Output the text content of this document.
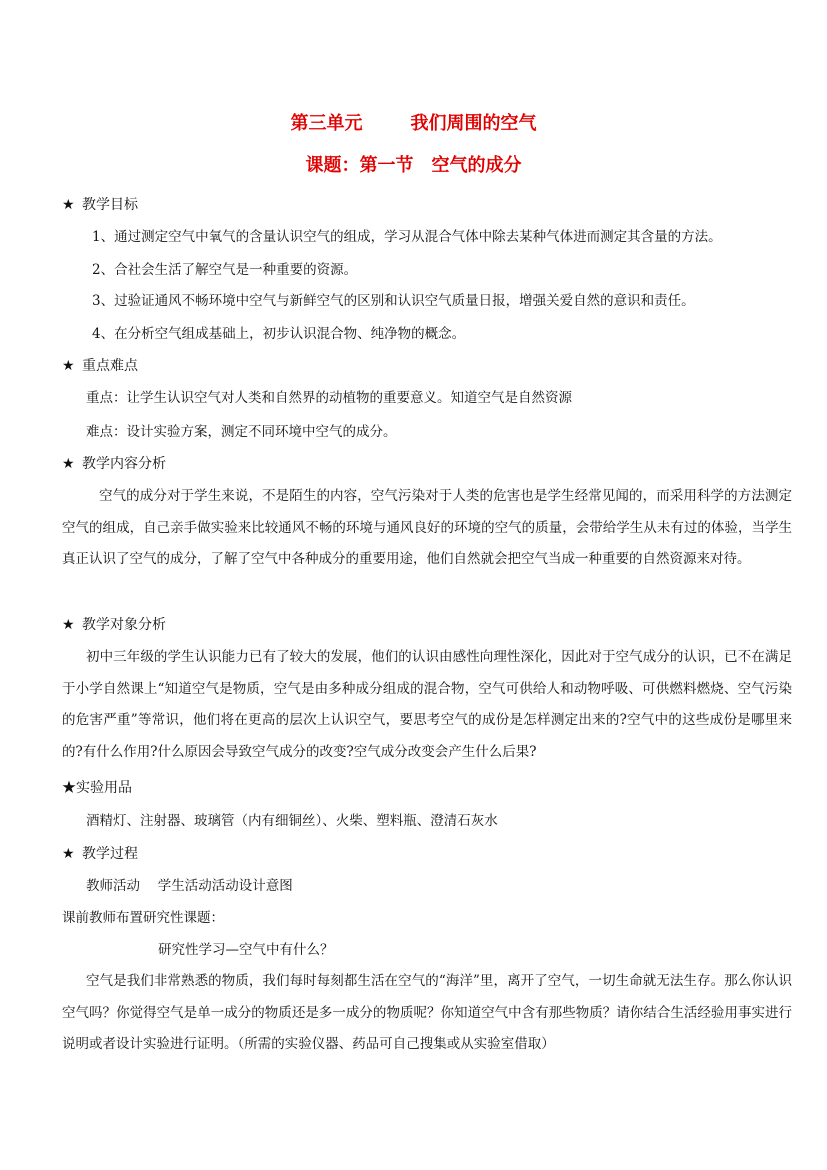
第三单元	我们周围的空气
课题：第一节 空气的成分
★ 教学目标
1、通过测定空气中氧气的含量认识空气的组成，学习从混合气体中除去某种气体进而测定其含量的方法。
2、合社会生活了解空气是一种重要的资源。
3、过验证通风不畅环境中空气与新鲜空气的区别和认识空气质量日报，增强关爱自然的意识和责任。
4、在分析空气组成基础上，初步认识混合物、纯净物的概念。
★ 重点难点
重点：让学生认识空气对人类和自然界的动植物的重要意义。知道空气是自然资源
难点：设计实验方案，测定不同环境中空气的成分。
★ 教学内容分析
空气的成分对于学生来说，不是陌生的内容，空气污染对于人类的危害也是学生经常见闻的，而采用科学的方法测定空气的组成，自己亲手做实验来比较通风不畅的环境与通风良好的环境的空气的质量，会带给学生从未有过的体验，当学生真正认识了空气的成分，了解了空气中各种成分的重要用途，他们自然就会把空气当成一种重要的自然资源来对待。
★ 教学对象分析
初中三年级的学生认识能力已有了较大的发展，他们的认识由感性向理性深化，因此对于空气成分的认识，已不在满足于小学自然课上“知道空气是物质，空气是由多种成分组成的混合物，空气可供给人和动物呼吸、可供燃料燃烧、空气污染的危害严重”等常识，他们将在更高的层次上认识空气，要思考空气的成份是怎样测定出来的?空气中的这些成份是哪里来的?有什么作用?什么原因会导致空气成分的改变?空气成分改变会产生什么后果?
★实验用品
酒精灯、注射器、玻璃管（内有细铜丝）、火柴、塑料瓶、澄清石灰水
★ 教学过程
教师活动　 学生活动活动设计意图
课前教师布置研究性课题：
研究性学习—空气中有什么？
空气是我们非常熟悉的物质，我们每时每刻都生活在空气的“海洋”里，离开了空气，一切生命就无法生存。那么你认识空气吗？你觉得空气是单一成分的物质还是多一成分的物质呢？你知道空气中含有那些物质？请你结合生活经验用事实进行说明或者设计实验进行证明。（所需的实验仪器、药品可自己搜集或从实验室借取）
